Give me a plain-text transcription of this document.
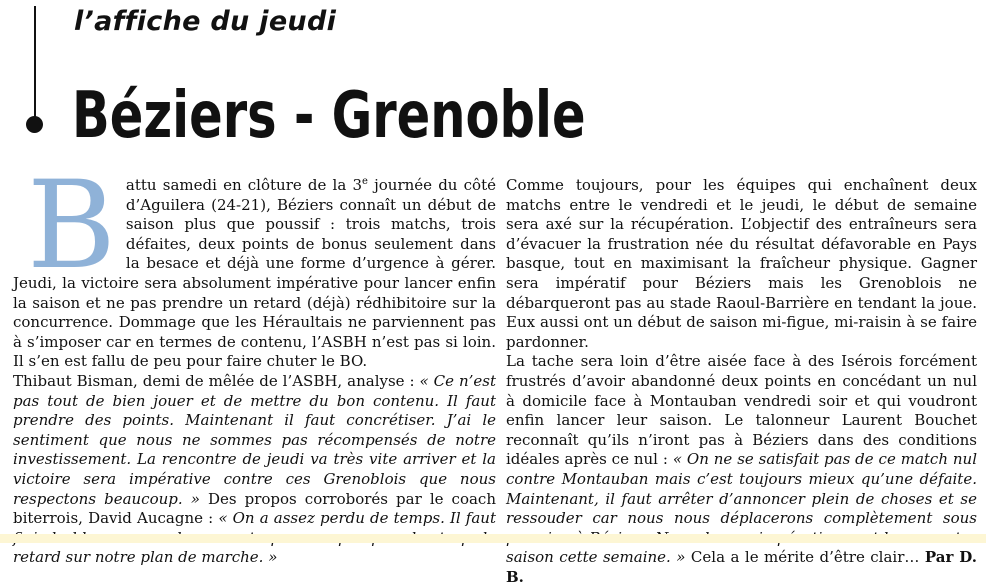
l’affiche du jeudi
Béziers - Grenoble

Battu samedi en clôture de la 3e journée du côté d’Aguilera (24-21), Béziers connaît un début de saison plus que poussif : trois matchs, trois défaites, deux points de bonus seulement dans la besace et déjà une forme d’urgence à gérer. Jeudi, la victoire sera absolument impérative pour lancer enfin la saison et ne pas prendre un retard (déjà) rédhibitoire sur la concurrence. Dommage que les Héraultais ne parviennent pas à s’imposer car en termes de contenu, l’ASBH n’est pas si loin. Il s’en est fallu de peu pour faire chuter le BO.

Thibaut Bisman, demi de mêlée de l’ASBH, analyse : « Ce n’est pas tout de bien jouer et de mettre du bon contenu. Il faut prendre des points. Maintenant il faut concrétiser. J’ai le sentiment que nous ne sommes pas récompensés de notre investissement. La rencontre de jeudi va très vite arriver et la victoire sera impérative contre ces Grenoblois que nous respectons beaucoup. » Des propos corroborés par le coach biterrois, David Aucagne : « On a assez perdu de temps. Il faut retard sur notre plan de marche. »

Comme toujours, pour les équipes qui enchaînent deux matchs entre le vendredi et le jeudi, le début de semaine sera axé sur la récupération. L’objectif des entraîneurs sera d’évacuer la frustration née du résultat défavorable en Pays basque, tout en maximisant la fraîcheur physique. Gagner sera impératif pour Béziers mais les Grenoblois ne débarqueront pas au stade Raoul-Barrière en tendant la joue. Eux aussi ont un début de saison mi-figue, mi-raisin à se faire pardonner.

La tache sera loin d’être aisée face à des Isérois forcément frustrés d’avoir abandonné deux points en concédant un nul à domicile face à Montauban vendredi soir et qui voudront enfin lancer leur saison. Le talonneur Laurent Bouchet reconnaît qu’ils n’iront pas à Béziers dans des conditions idéales après ce nul : « On ne se satisfait pas de ce match nul contre Montauban mais c’est toujours mieux qu’une défaite. Maintenant, il faut arrêter d’annoncer plein de choses et se ressouder car nous nous déplacerons complètement sous saison cette semaine. » Cela a le mérite d’être clair… Par D. B.
